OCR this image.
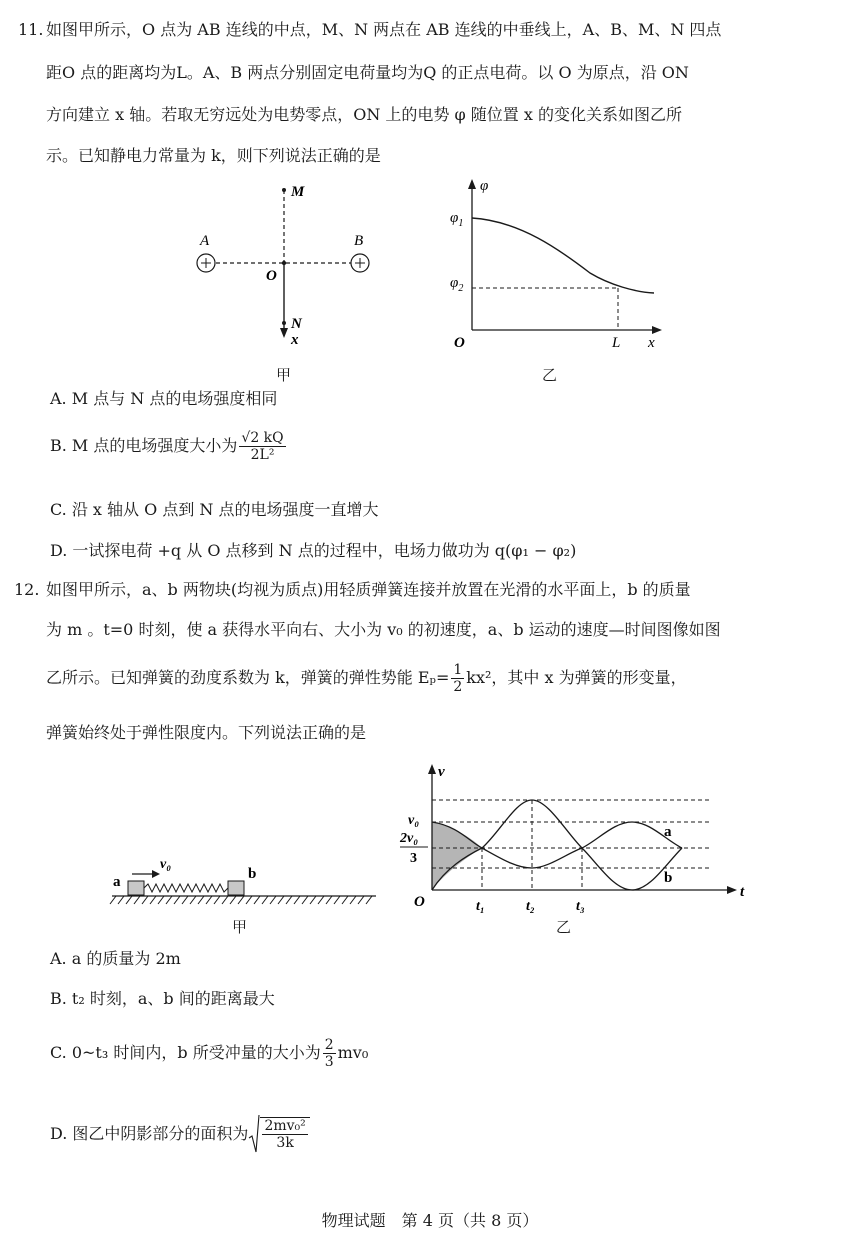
11. 如图甲所示，O 点为 AB 连线的中点，M、N 两点在 AB 连线的中垂线上，A、B、M、N 四点
距O 点的距离均为L。A、B 两点分别固定电荷量均为Q 的正点电荷。以 O 为原点，沿 ON
方向建立 x 轴。若取无穷远处为电势零点，ON 上的电势 φ 随位置 x 的变化关系如图乙所
示。已知静电力常量为 k，则下列说法正确的是
A	B
O
M
N
x
甲
φ
$\varphi_1$
$\varphi_2$
O	L x
乙
A. M 点与 N 点的电场强度相同
B. M 点的电场强度大小为 $\frac{√2 kQ}{\text{2L²}}$
C. 沿 x 轴从 O 点到 N 点的电场强度一直增大
D. 一试探电荷 +q 从 O 点移到 N 点的过程中，电场力做功为 q(φ₁ − φ₂)
12. 如图甲所示，a、b 两物块(均视为质点)用轻质弹簧连接并放置在光滑的水平面上，b 的质量
为 m 。t=0 时刻，使 a 获得水平向右、大小为 v₀ 的初速度，a、b 运动的速度—时间图像如图
乙所示。已知弹簧的劲度系数为 k，弹簧的弹性势能 $E_p= \frac{1}{2} kx^2$，其中 x 为弹簧的形变量，
弹簧始终处于弹性限度内。下列说法正确的是
v₀
a	b
甲
v
v₀
2v₀
3
O	t₁	t₂	t₃
t
a
b
乙
A. a 的质量为 2m
B. t₂ 时刻，a、b 间的距离最大
C. 0~t₃ 时间内，b 所受冲量的大小为 $\frac{2}{3} mv_0$
D. 图乙中阴影部分的面积为 $\frac{\text{2mv₀²}}{3k}$
物理试题　第 4 页（共 8 页）
